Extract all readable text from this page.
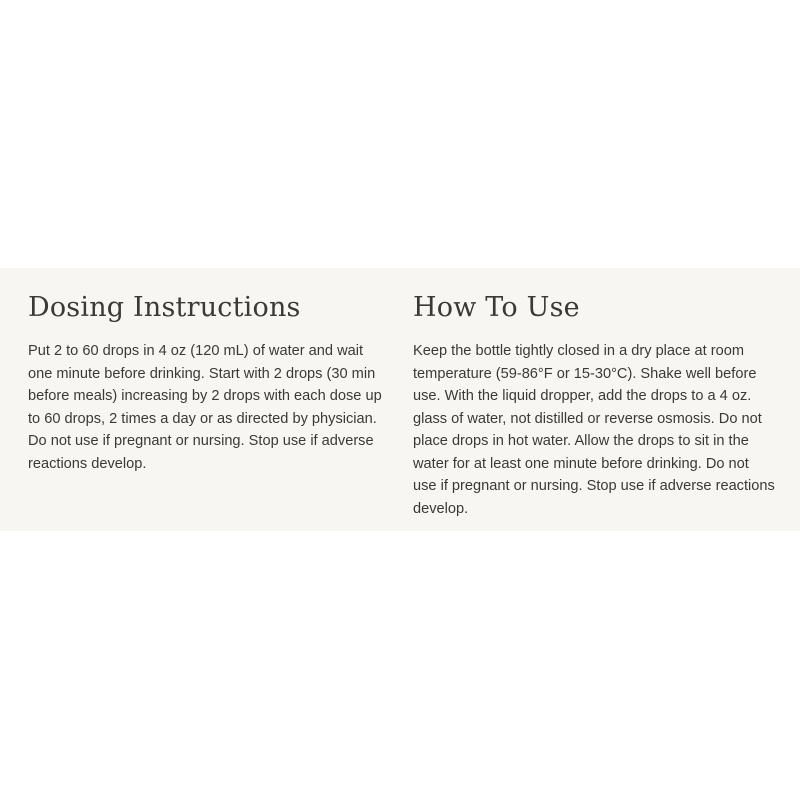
Dosing Instructions

Put 2 to 60 drops in 4 oz (120 mL) of water and wait
one minute before drinking. Start with 2 drops (30 min
before meals) increasing by 2 drops with each dose up
to 60 drops, 2 times a day or as directed by physician.
Do not use if pregnant or nursing. Stop use if adverse
reactions develop.

How To Use

Keep the bottle tightly closed in a dry place at room
temperature (59-86°F or 15-30°C). Shake well before
use. With the liquid dropper, add the drops to a 4 oz.
glass of water, not distilled or reverse osmosis. Do not
place drops in hot water. Allow the drops to sit in the
water for at least one minute before drinking. Do not
use if pregnant or nursing. Stop use if adverse reactions
develop.
